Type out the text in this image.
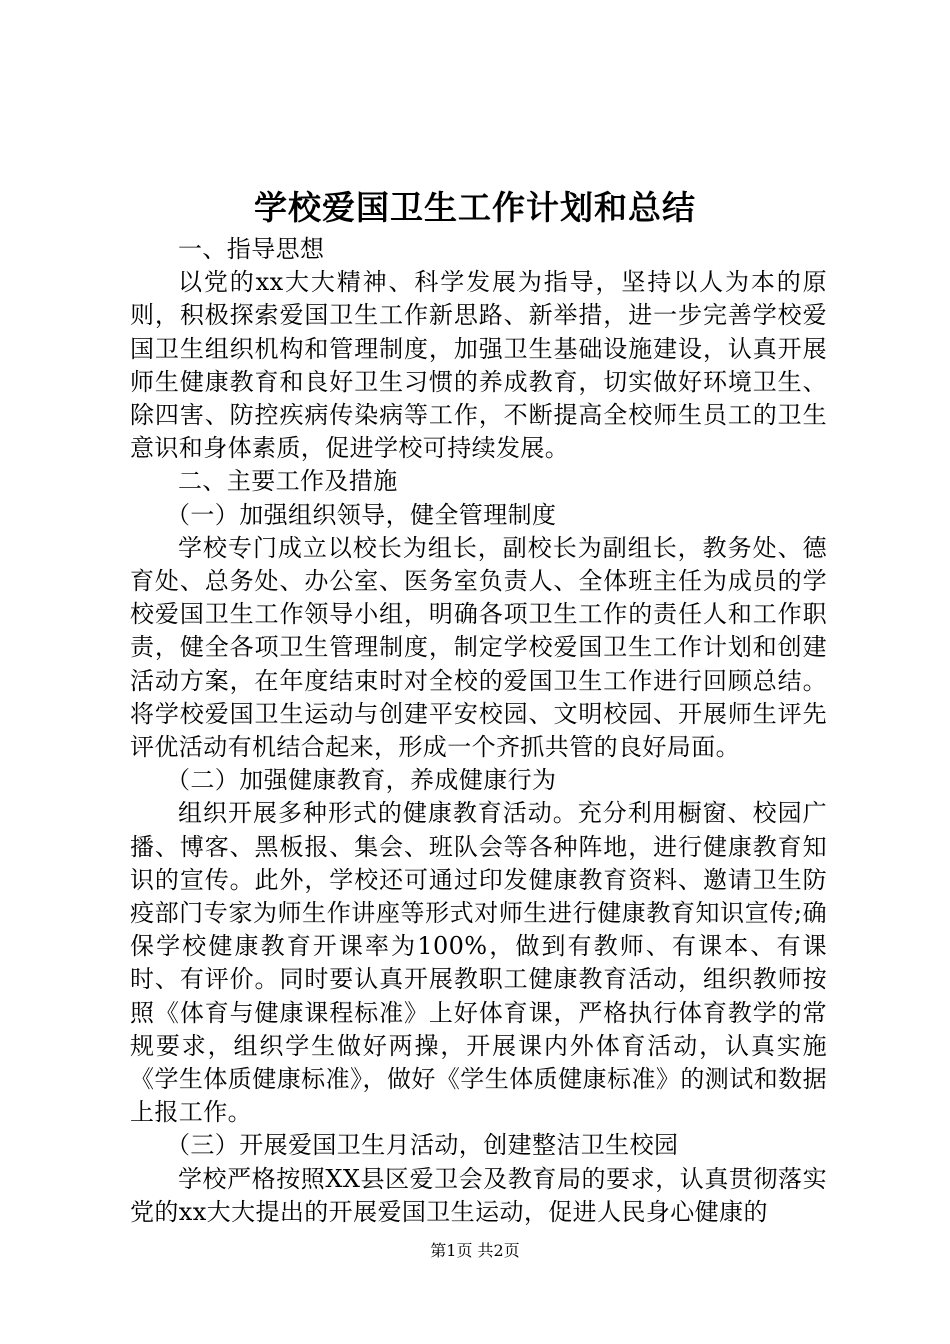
学校爱国卫生工作计划和总结

一、指导思想

以党的xx大大精神、科学发展为指导，坚持以人为本的原则，积极探索爱国卫生工作新思路、新举措，进一步完善学校爱国卫生组织机构和管理制度，加强卫生基础设施建设，认真开展师生健康教育和良好卫生习惯的养成教育，切实做好环境卫生、除四害、防控疾病传染病等工作，不断提高全校师生员工的卫生意识和身体素质，促进学校可持续发展。

二、主要工作及措施

（一）加强组织领导，健全管理制度

学校专门成立以校长为组长，副校长为副组长，教务处、德育处、总务处、办公室、医务室负责人、全体班主任为成员的学校爱国卫生工作领导小组，明确各项卫生工作的责任人和工作职责，健全各项卫生管理制度，制定学校爱国卫生工作计划和创建活动方案，在年度结束时对全校的爱国卫生工作进行回顾总结。将学校爱国卫生运动与创建平安校园、文明校园、开展师生评先评优活动有机结合起来，形成一个齐抓共管的良好局面。

（二）加强健康教育，养成健康行为

组织开展多种形式的健康教育活动。充分利用橱窗、校园广播、博客、黑板报、集会、班队会等各种阵地，进行健康教育知识的宣传。此外，学校还可通过印发健康教育资料、邀请卫生防疫部门专家为师生作讲座等形式对师生进行健康教育知识宣传;确保学校健康教育开课率为100%，做到有教师、有课本、有课时、有评价。同时要认真开展教职工健康教育活动，组织教师按照《体育与健康课程标准》上好体育课，严格执行体育教学的常规要求，组织学生做好两操，开展课内外体育活动，认真实施《学生体质健康标准》，做好《学生体质健康标准》的测试和数据上报工作。

（三）开展爱国卫生月活动，创建整洁卫生校园

学校严格按照XX县区爱卫会及教育局的要求，认真贯彻落实党的xx大大提出的开展爱国卫生运动，促进人民身心健康的

第1页 共2页
